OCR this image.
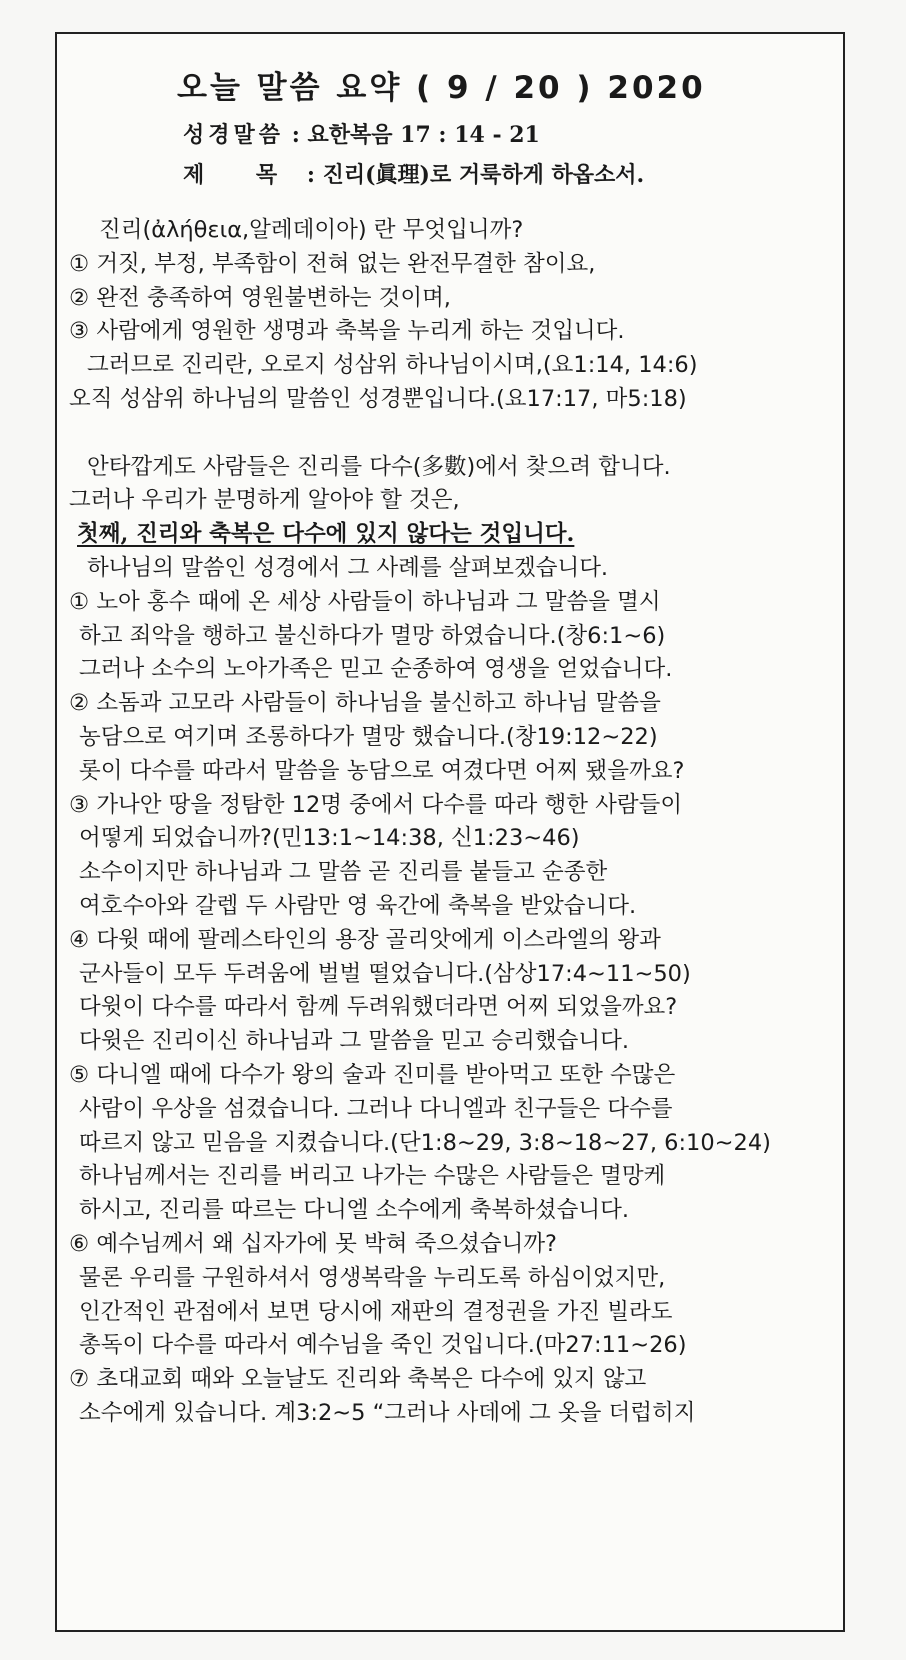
오늘 말씀 요약 ( 9 / 20 ) 2020
성경말씀 : 요한복음 17 : 14 - 21
제 목 : 진리(眞理)로 거룩하게 하옵소서.
진리(ἀλήθεια,알레데이아) 란 무엇입니까?
① 거짓, 부정, 부족함이 전혀 없는 완전무결한 참이요,
② 완전 충족하여 영원불변하는 것이며,
③ 사람에게 영원한 생명과 축복을 누리게 하는 것입니다.
그러므로 진리란, 오로지 성삼위 하나님이시며,(요1:14, 14:6)
오직 성삼위 하나님의 말씀인 성경뿐입니다.(요17:17, 마5:18)
안타깝게도 사람들은 진리를 다수(多數)에서 찾으려 합니다.
그러나 우리가 분명하게 알아야 할 것은,
첫째, 진리와 축복은 다수에 있지 않다는 것입니다.
하나님의 말씀인 성경에서 그 사례를 살펴보겠습니다.
① 노아 홍수 때에 온 세상 사람들이 하나님과 그 말씀을 멸시
하고 죄악을 행하고 불신하다가 멸망 하였습니다.(창6:1~6)
그러나 소수의 노아가족은 믿고 순종하여 영생을 얻었습니다.
② 소돔과 고모라 사람들이 하나님을 불신하고 하나님 말씀을
농담으로 여기며 조롱하다가 멸망 했습니다.(창19:12~22)
롯이 다수를 따라서 말씀을 농담으로 여겼다면 어찌 됐을까요?
③ 가나안 땅을 정탐한 12명 중에서 다수를 따라 행한 사람들이
어떻게 되었습니까?(민13:1~14:38, 신1:23~46)
소수이지만 하나님과 그 말씀 곧 진리를 붙들고 순종한
여호수아와 갈렙 두 사람만 영 육간에 축복을 받았습니다.
④ 다윗 때에 팔레스타인의 용장 골리앗에게 이스라엘의 왕과
군사들이 모두 두려움에 벌벌 떨었습니다.(삼상17:4~11~50)
다윗이 다수를 따라서 함께 두려워했더라면 어찌 되었을까요?
다윗은 진리이신 하나님과 그 말씀을 믿고 승리했습니다.
⑤ 다니엘 때에 다수가 왕의 술과 진미를 받아먹고 또한 수많은
사람이 우상을 섬겼습니다. 그러나 다니엘과 친구들은 다수를
따르지 않고 믿음을 지켰습니다.(단1:8~29, 3:8~18~27, 6:10~24)
하나님께서는 진리를 버리고 나가는 수많은 사람들은 멸망케
하시고, 진리를 따르는 다니엘 소수에게 축복하셨습니다.
⑥ 예수님께서 왜 십자가에 못 박혀 죽으셨습니까?
물론 우리를 구원하셔서 영생복락을 누리도록 하심이었지만,
인간적인 관점에서 보면 당시에 재판의 결정권을 가진 빌라도
총독이 다수를 따라서 예수님을 죽인 것입니다.(마27:11~26)
⑦ 초대교회 때와 오늘날도 진리와 축복은 다수에 있지 않고
소수에게 있습니다. 계3:2~5 “그러나 사데에 그 옷을 더럽히지
